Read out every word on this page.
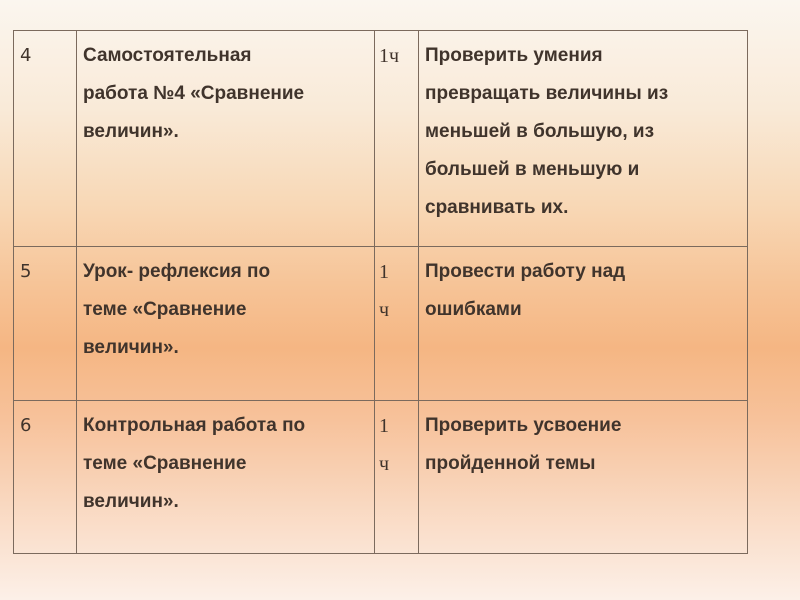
4	Самостоятельная
работа №4 «Сравнение
величин».	1ч	Проверить умения
превращать величины из
меньшей в большую, из
большей в меньшую и
сравнивать их.
5	Урок- рефлексия по
теме «Сравнение
величин».	1
ч	Провести работу над
ошибками
6	Контрольная работа по
теме «Сравнение
величин».	1
ч	Проверить усвоение
пройденной темы
